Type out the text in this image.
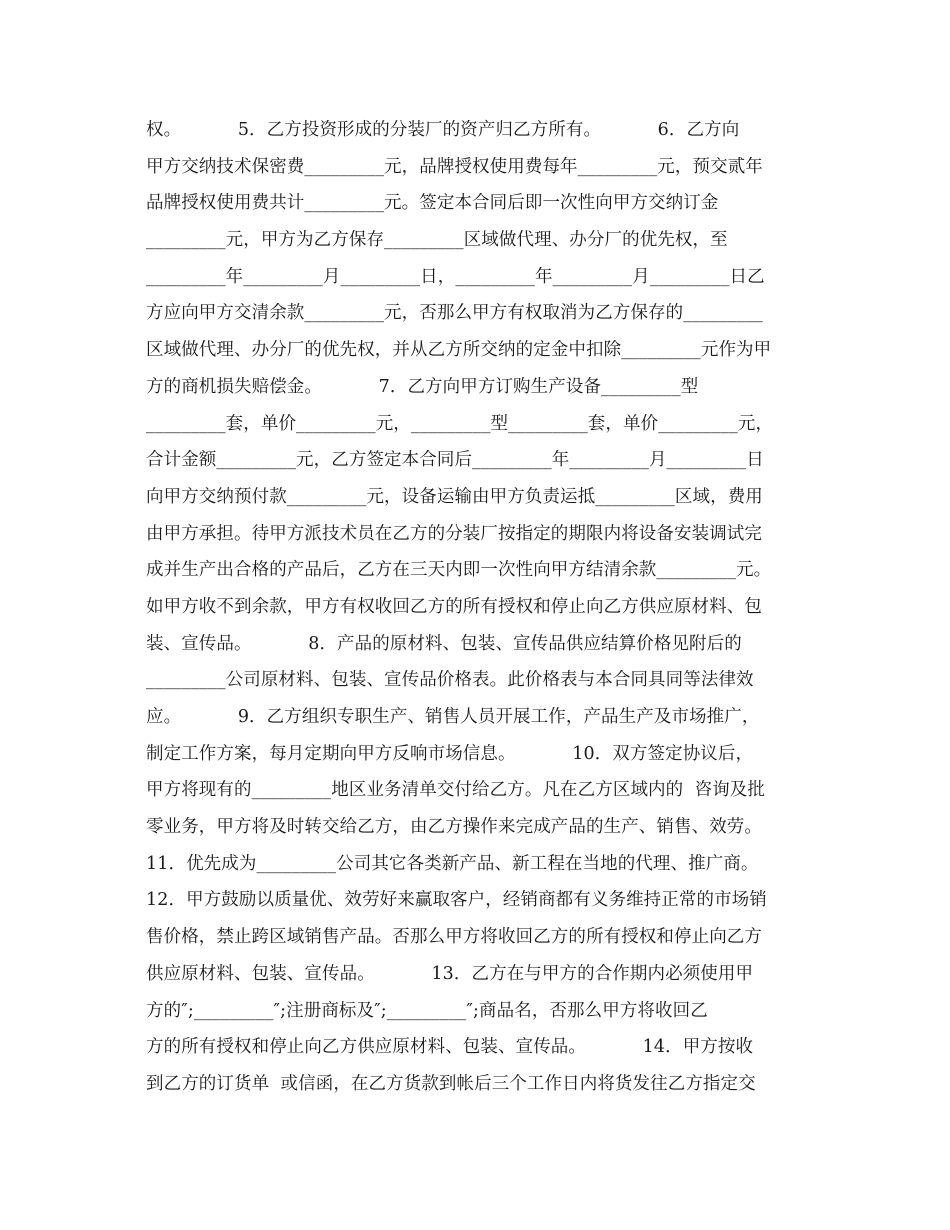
权。          5．乙方投资形成的分装厂的资产归乙方所有。          6．乙方向
甲方交纳技术保密费_________元，品牌授权使用费每年_________元，预交贰年
品牌授权使用费共计_________元。签定本合同后即一次性向甲方交纳订金
_________元，甲方为乙方保存_________区域做代理、办分厂的优先权，至
_________年_________月_________日，_________年_________月_________日乙
方应向甲方交清余款_________元，否那么甲方有权取消为乙方保存的_________
区域做代理、办分厂的优先权，并从乙方所交纳的定金中扣除_________元作为甲
方的商机损失赔偿金。          7．乙方向甲方订购生产设备_________型
_________套，单价_________元，_________型_________套，单价_________元，
合计金额_________元，乙方签定本合同后_________年_________月_________日
向甲方交纳预付款_________元，设备运输由甲方负责运抵_________区域，费用
由甲方承担。待甲方派技术员在乙方的分装厂按指定的期限内将设备安装调试完
成并生产出合格的产品后，乙方在三天内即一次性向甲方结清余款_________元。
如甲方收不到余款，甲方有权收回乙方的所有授权和停止向乙方供应原材料、包
装、宣传品。          8．产品的原材料、包装、宣传品供应结算价格见附后的
_________公司原材料、包装、宣传品价格表。此价格表与本合同具同等法律效
应。          9．乙方组织专职生产、销售人员开展工作，产品生产及市场推广，
制定工作方案，每月定期向甲方反响市场信息。          10．双方签定协议后，
甲方将现有的_________地区业务清单交付给乙方。凡在乙方区域内的  咨询及批
零业务，甲方将及时转交给乙方，由乙方操作来完成产品的生产、销售、效劳。
11．优先成为_________公司其它各类新产品、新工程在当地的代理、推广商。
12．甲方鼓励以质量优、效劳好来赢取客户，经销商都有义务维持正常的市场销
售价格，禁止跨区域销售产品。否那么甲方将收回乙方的所有授权和停止向乙方
供应原材料、包装、宣传品。          13．乙方在与甲方的合作期内必须使用甲
方的″;_________″;注册商标及″;_________″;商品名，否那么甲方将收回乙
方的所有授权和停止向乙方供应原材料、包装、宣传品。          14．甲方按收
到乙方的订货单  或信函，在乙方货款到帐后三个工作日内将货发往乙方指定交
